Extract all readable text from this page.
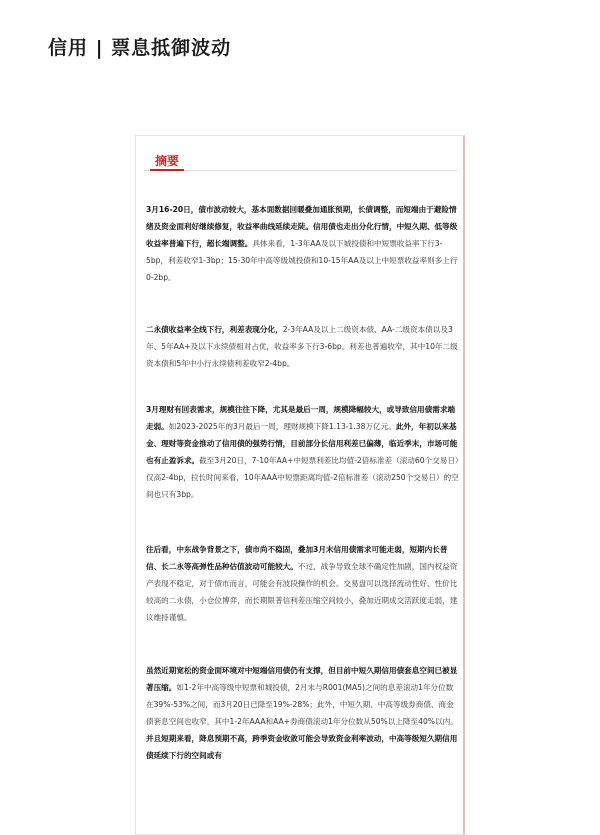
信用 | 票息抵御波动
摘要

3月16-20日，债市波动较大，基本面数据回暖叠加通胀预期，长债调整，而短端由于避险情绪及资金面利好继续修复，收益率曲线延续走陡。信用债也走出分化行情，中短久期、低等级收益率普遍下行，超长端调整。具体来看，1-3年AA及以下城投债和中短票收益率下行3-5bp，利差收窄1-3bp；15-30年中高等级城投债和10-15年AA及以上中短票收益率则多上行0-2bp。

二永债收益率全线下行，利差表现分化，2-3年AA及以上二级资本债、AA-二级资本债以及3年、5年AA+及以下永续债相对占优，收益率多下行3-6bp。利差也普遍收窄，其中10年二级资本债和5年中小行永续债利差收窄2-4bp。

3月理财有回表需求，规模往往下降，尤其是最后一周，规模降幅较大，或导致信用债需求端走弱。如2023-2025年的3月最后一周，理财规模下降1.13-1.38万亿元。此外，年初以来基金、理财等资金推动了信用债的强势行情，目前部分长信用利差已偏薄，临近季末，市场可能也有止盈诉求。截至3月20日，7-10年AA+中短票利差比均值-2倍标准差（滚动60个交易日）仅高2-4bp，拉长时间来看，10年AAA中短票距离均值-2倍标准差（滚动250个交易日）的空间也只有3bp。

往后看，中东战争背景之下，债市尚不稳固，叠加3月末信用债需求可能走弱，短期内长普信、长二永等高弹性品种估值波动可能较大。不过，战争导致全球不确定性加剧，国内权益资产表现不稳定，对于债市而言，可能会有波段操作的机会。交易盘可以选择流动性好、性价比较高的二永债，小仓位博弈，而长期限普信利差压缩空间较小，叠加近期成交活跃度走弱，建议维持谨慎。

虽然近期宽松的资金面环境对中短端信用债仍有支撑，但目前中短久期信用债套息空间已被显著压缩。如1-2年中高等级中短票和城投债，2月末与R001(MA5)之间的息差滚动1年分位数在39%-53%之间，而3月20日已降至19%-28%；此外，中短久期、中高等级券商债、商金债套息空间也收窄，其中1-2年AAA和AA+券商债滚动1年分位数从50%以上降至40%以内。并且短期来看，降息预期不高，跨季资金收敛可能会导致资金利率波动，中高等级短久期信用债延续下行的空间或有
